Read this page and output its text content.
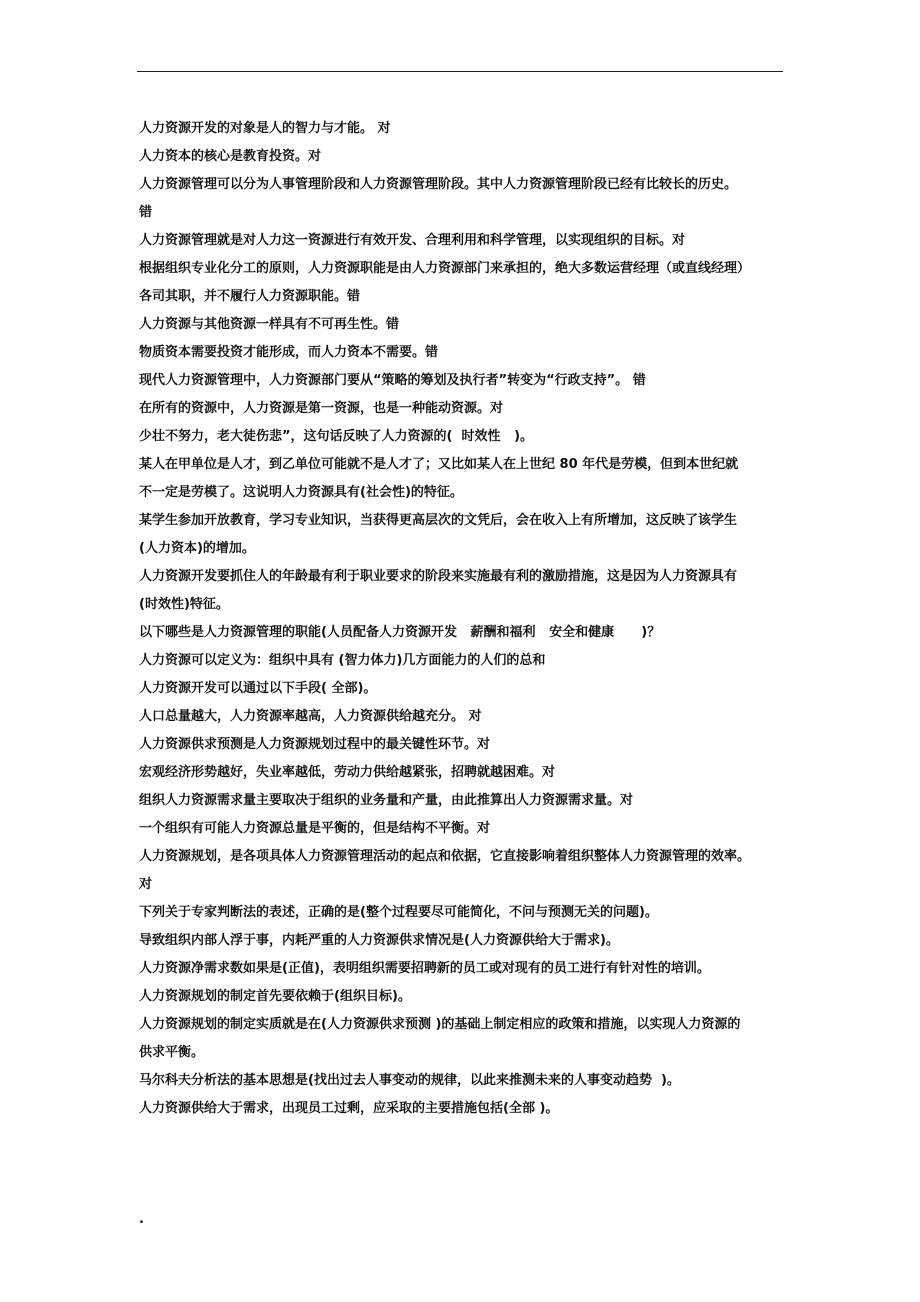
人力资源开发的对象是人的智力与才能。 对
人力资本的核心是教育投资。对
人力资源管理可以分为人事管理阶段和人力资源管理阶段。其中人力资源管理阶段已经有比较长的历史。
错
人力资源管理就是对人力这一资源进行有效开发、合理利用和科学管理，以实现组织的目标。对
根据组织专业化分工的原则，人力资源职能是由人力资源部门来承担的，绝大多数运营经理（或直线经理）
各司其职，并不履行人力资源职能。错
人力资源与其他资源一样具有不可再生性。错
物质资本需要投资才能形成，而人力资本不需要。错
现代人力资源管理中，人力资源部门要从“策略的筹划及执行者”转变为“行政支持”。 错
在所有的资源中，人力资源是第一资源，也是一种能动资源。对
少壮不努力，老大徒伤悲”，这句话反映了人力资源的(  时效性   )。
某人在甲单位是人才，到乙单位可能就不是人才了；又比如某人在上世纪 80 年代是劳模，但到本世纪就
不一定是劳模了。这说明人力资源具有(社会性)的特征。
某学生参加开放教育，学习专业知识，当获得更高层次的文凭后，会在收入上有所增加，这反映了该学生
(人力资本)的增加。
人力资源开发要抓住人的年龄最有利于职业要求的阶段来实施最有利的激励措施，这是因为人力资源具有
(时效性)特征。
以下哪些是人力资源管理的职能(人员配备人力资源开发   薪酬和福利   安全和健康      )？
人力资源可以定义为：组织中具有 (智力体力)几方面能力的人们的总和
人力资源开发可以通过以下手段( 全部)。
人口总量越大，人力资源率越高，人力资源供给越充分。 对
人力资源供求预测是人力资源规划过程中的最关键性环节。对
宏观经济形势越好，失业率越低，劳动力供给越紧张，招聘就越困难。对
组织人力资源需求量主要取决于组织的业务量和产量，由此推算出人力资源需求量。对
一个组织有可能人力资源总量是平衡的，但是结构不平衡。对
人力资源规划，是各项具体人力资源管理活动的起点和依据，它直接影响着组织整体人力资源管理的效率。
对
下列关于专家判断法的表述，正确的是(整个过程要尽可能简化，不问与预测无关的问题)。
导致组织内部人浮于事，内耗严重的人力资源供求情况是(人力资源供给大于需求)。
人力资源净需求数如果是(正值)，表明组织需要招聘新的员工或对现有的员工进行有针对性的培训。
人力资源规划的制定首先要依赖于(组织目标)。
人力资源规划的制定实质就是在(人力资源供求预测 )的基础上制定相应的政策和措施，以实现人力资源的
供求平衡。
马尔科夫分析法的基本思想是(找出过去人事变动的规律，以此来推测未来的人事变动趋势  )。
人力资源供给大于需求，出现员工过剩，应采取的主要措施包括(全部 )。
.
